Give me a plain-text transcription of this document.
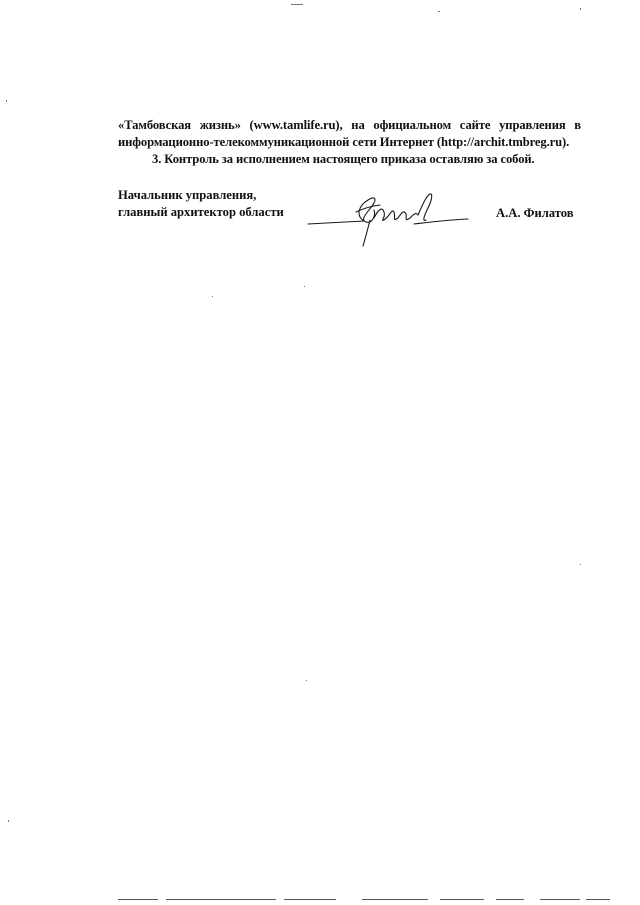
«Тамбовская жизнь» (www.tamlife.ru), на официальном сайте управления в

информационно-телекоммуникационной сети Интернет (http://archit.tmbreg.ru).

3. Контроль за исполнением настоящего приказа оставляю за собой.

Начальник управления,
главный архитектор области	А.А. Филатов
